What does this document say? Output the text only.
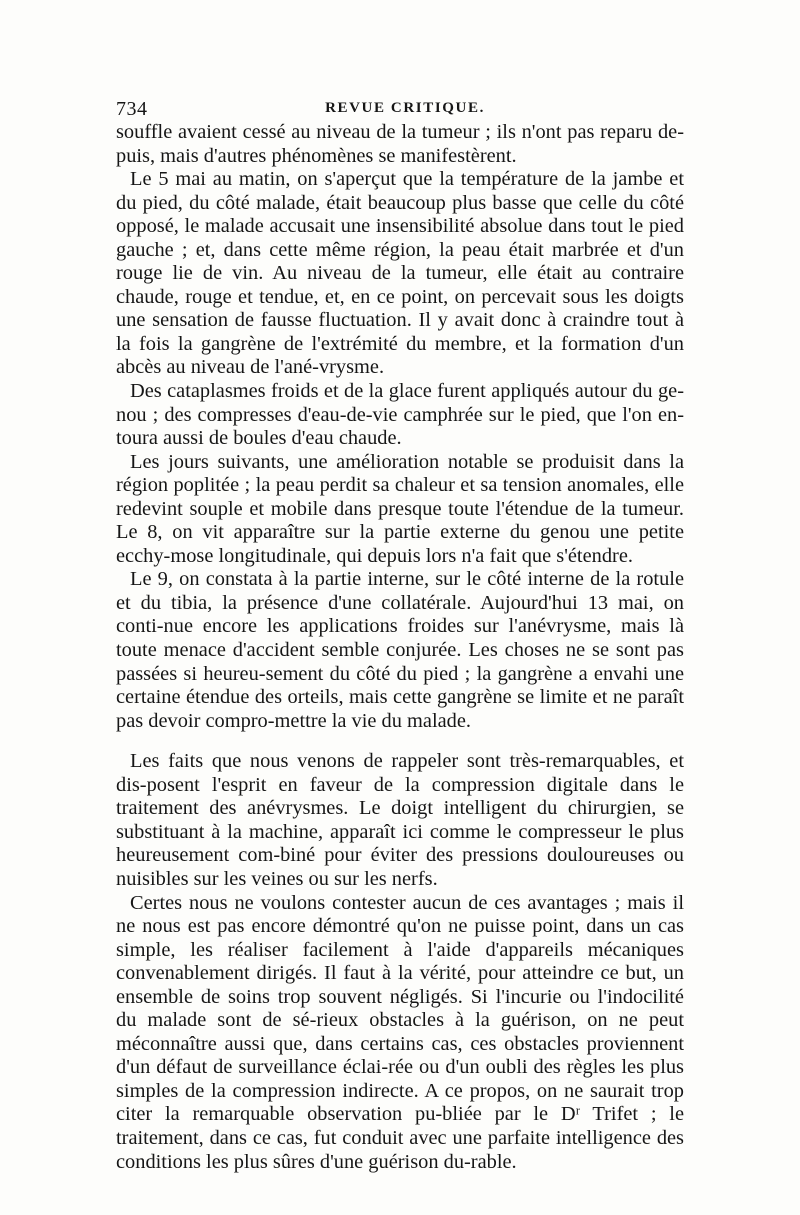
734	REVUE CRITIQUE.

souffle avaient cessé au niveau de la tumeur ; ils n'ont pas reparu de-puis, mais d'autres phénomènes se manifestèrent.

Le 5 mai au matin, on s'aperçut que la température de la jambe et du pied, du côté malade, était beaucoup plus basse que celle du côté opposé, le malade accusait une insensibilité absolue dans tout le pied gauche ; et, dans cette même région, la peau était marbrée et d'un rouge lie de vin. Au niveau de la tumeur, elle était au contraire chaude, rouge et tendue, et, en ce point, on percevait sous les doigts une sensation de fausse fluctuation. Il y avait donc à craindre tout à la fois la gangrène de l'extrémité du membre, et la formation d'un abcès au niveau de l'ané-vrysme.

Des cataplasmes froids et de la glace furent appliqués autour du ge-nou ; des compresses d'eau-de-vie camphrée sur le pied, que l'on en-toura aussi de boules d'eau chaude.

Les jours suivants, une amélioration notable se produisit dans la région poplitée ; la peau perdit sa chaleur et sa tension anomales, elle redevint souple et mobile dans presque toute l'étendue de la tumeur. Le 8, on vit apparaître sur la partie externe du genou une petite ecchy-mose longitudinale, qui depuis lors n'a fait que s'étendre.

Le 9, on constata à la partie interne, sur le côté interne de la rotule et du tibia, la présence d'une collatérale. Aujourd'hui 13 mai, on conti-nue encore les applications froides sur l'anévrysme, mais là toute menace d'accident semble conjurée. Les choses ne se sont pas passées si heureu-sement du côté du pied ; la gangrène a envahi une certaine étendue des orteils, mais cette gangrène se limite et ne paraît pas devoir compro-mettre la vie du malade.

Les faits que nous venons de rappeler sont très-remarquables, et dis-posent l'esprit en faveur de la compression digitale dans le traitement des anévrysmes. Le doigt intelligent du chirurgien, se substituant à la machine, apparaît ici comme le compresseur le plus heureusement com-biné pour éviter des pressions douloureuses ou nuisibles sur les veines ou sur les nerfs.

Certes nous ne voulons contester aucun de ces avantages ; mais il ne nous est pas encore démontré qu'on ne puisse point, dans un cas simple, les réaliser facilement à l'aide d'appareils mécaniques convenablement dirigés. Il faut à la vérité, pour atteindre ce but, un ensemble de soins trop souvent négligés. Si l'incurie ou l'indocilité du malade sont de sé-rieux obstacles à la guérison, on ne peut méconnaître aussi que, dans certains cas, ces obstacles proviennent d'un défaut de surveillance éclai-rée ou d'un oubli des règles les plus simples de la compression indirecte. A ce propos, on ne saurait trop citer la remarquable observation pu-bliée par le Dʳ Trifet ; le traitement, dans ce cas, fut conduit avec une parfaite intelligence des conditions les plus sûres d'une guérison du-rable.
